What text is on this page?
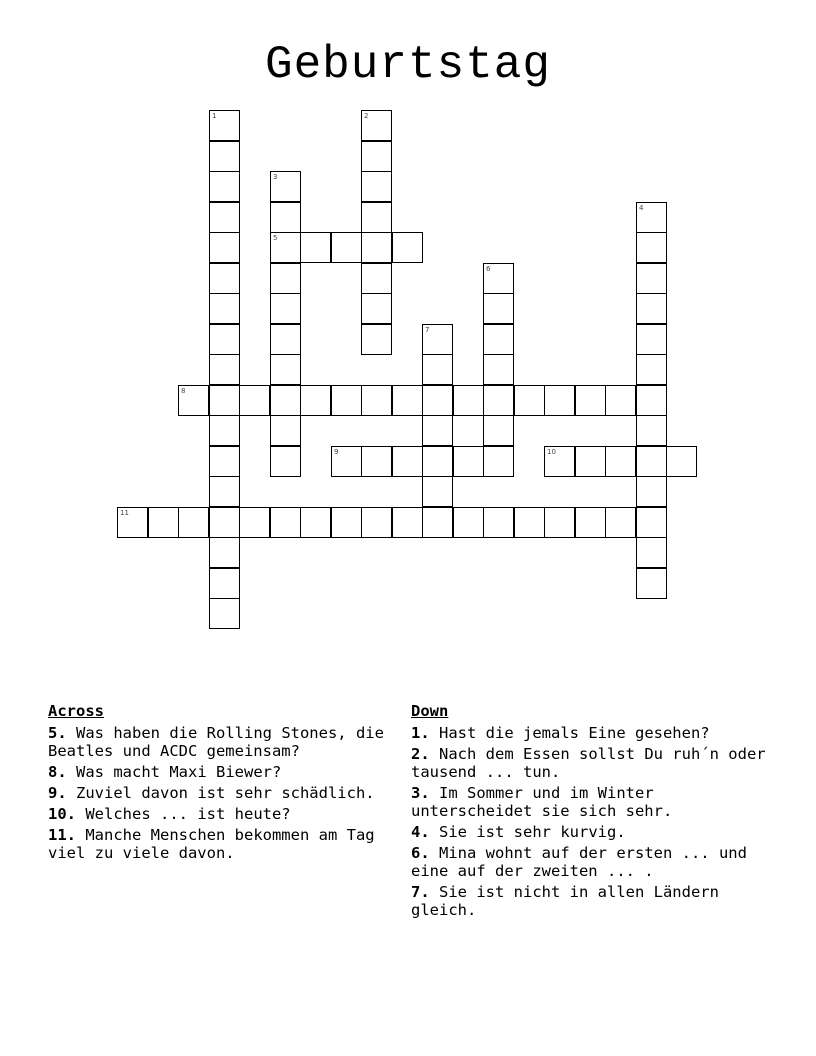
Geburtstag
1	2
3
5
4
6
7
8
9	10
11
Across
5. Was haben die Rolling Stones, die Beatles und ACDC gemeinsam?
8. Was macht Maxi Biewer?
9. Zuviel davon ist sehr schädlich.
10. Welches ... ist heute?
11. Manche Menschen bekommen am Tag viel zu viele davon.
Down
1. Hast die jemals Eine gesehen?
2. Nach dem Essen sollst Du ruh´n oder tausend ... tun.
3. Im Sommer und im Winter unterscheidet sie sich sehr.
4. Sie ist sehr kurvig.
6. Mina wohnt auf der ersten ... und eine auf der zweiten ... .
7. Sie ist nicht in allen Ländern gleich.
